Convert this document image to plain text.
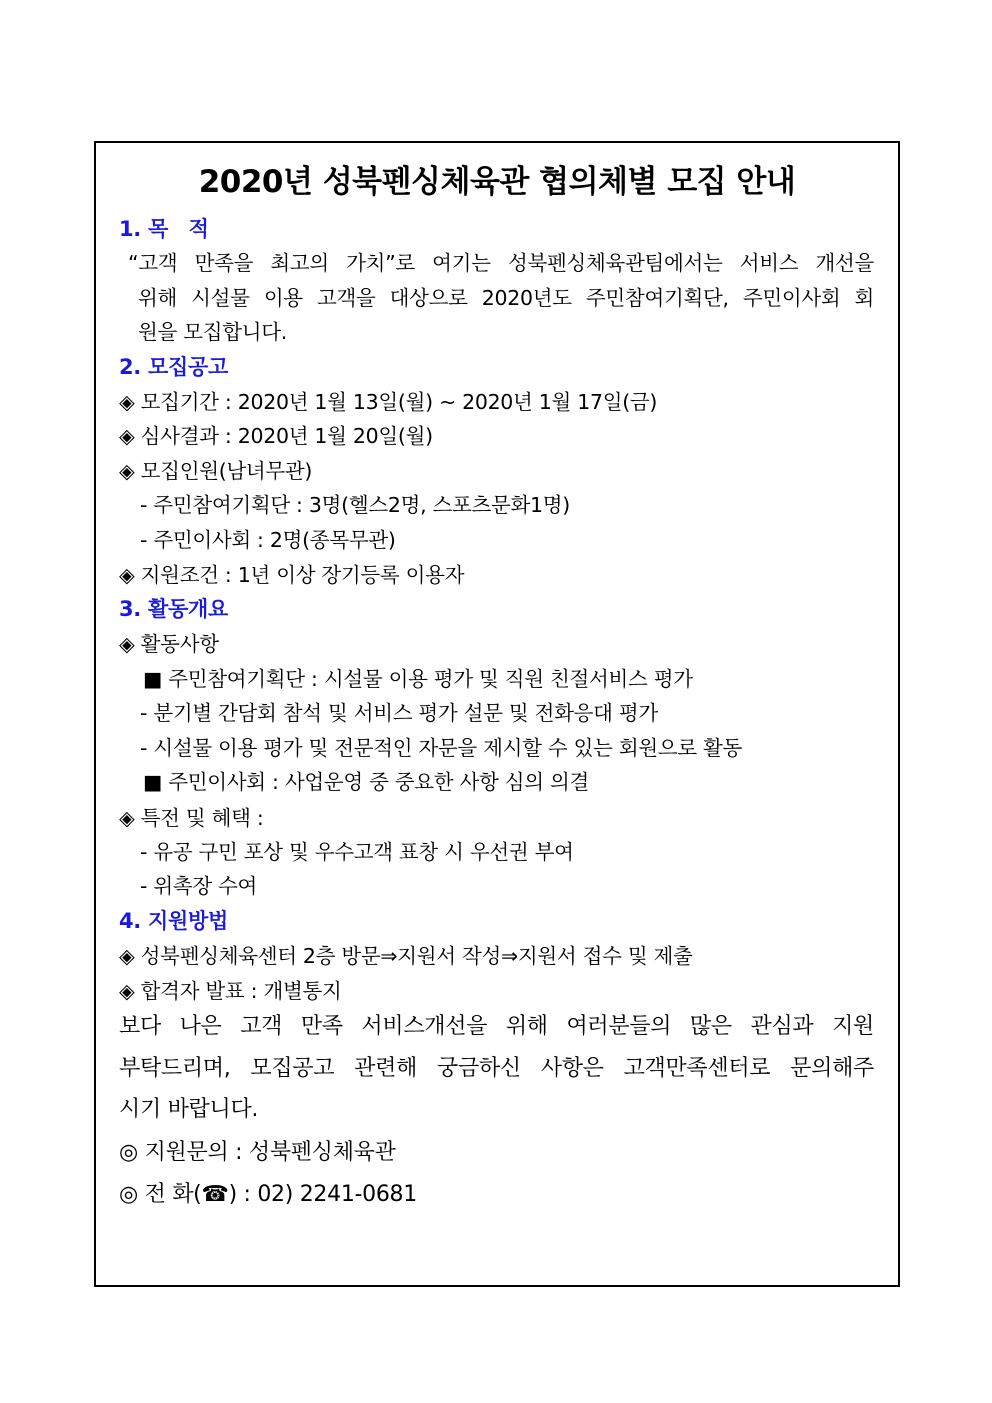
2020년 성북펜싱체육관 협의체별 모집 안내
1. 목　적
“고객 만족을 최고의 가치”로 여기는 성북펜싱체육관팀에서는 서비스 개선을
위해 시설물 이용 고객을 대상으로 2020년도 주민참여기획단, 주민이사회 회
원을 모집합니다.
2. 모집공고
◈ 모집기간 : 2020년 1월 13일(월) ~ 2020년 1월 17일(금)
◈ 심사결과 : 2020년 1월 20일(월)
◈ 모집인원(남녀무관)
- 주민참여기획단 : 3명(헬스2명, 스포츠문화1명)
- 주민이사회 : 2명(종목무관)
◈ 지원조건 : 1년 이상 장기등록 이용자
3. 활동개요
◈ 활동사항
■ 주민참여기획단 : 시설물 이용 평가 및 직원 친절서비스 평가
- 분기별 간담회 참석 및 서비스 평가 설문 및 전화응대 평가
- 시설물 이용 평가 및 전문적인 자문을 제시할 수 있는 회원으로 활동
■ 주민이사회 : 사업운영 중 중요한 사항 심의 의결
◈ 특전 및 혜택 :
- 유공 구민 포상 및 우수고객 표창 시 우선권 부여
- 위촉장 수여
4. 지원방법
◈ 성북펜싱체육센터 2층 방문⇒지원서 작성⇒지원서 접수 및 제출
◈ 합격자 발표 : 개별통지
보다 나은 고객 만족 서비스개선을 위해 여러분들의 많은 관심과 지원
부탁드리며, 모집공고 관련해 궁금하신 사항은 고객만족센터로 문의해주
시기 바랍니다.
◎ 지원문의 : 성북펜싱체육관
◎ 전 화(☎) : 02) 2241-0681
